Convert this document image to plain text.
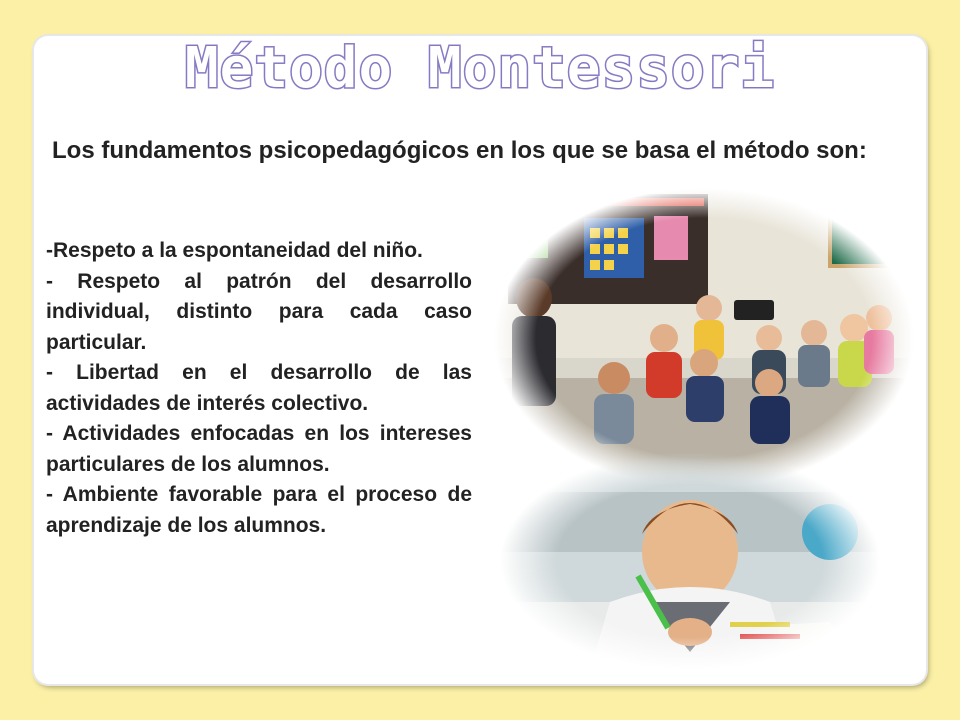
Método Montessori
Los fundamentos psicopedagógicos en los que se basa el método son:
-Respeto a la espontaneidad del niño.
- Respeto al patrón del desarrollo individual, distinto para cada caso particular.
- Libertad en el desarrollo de las actividades de interés colectivo.
- Actividades enfocadas en los intereses particulares de los alumnos.
- Ambiente favorable para el proceso de aprendizaje de los alumnos.
